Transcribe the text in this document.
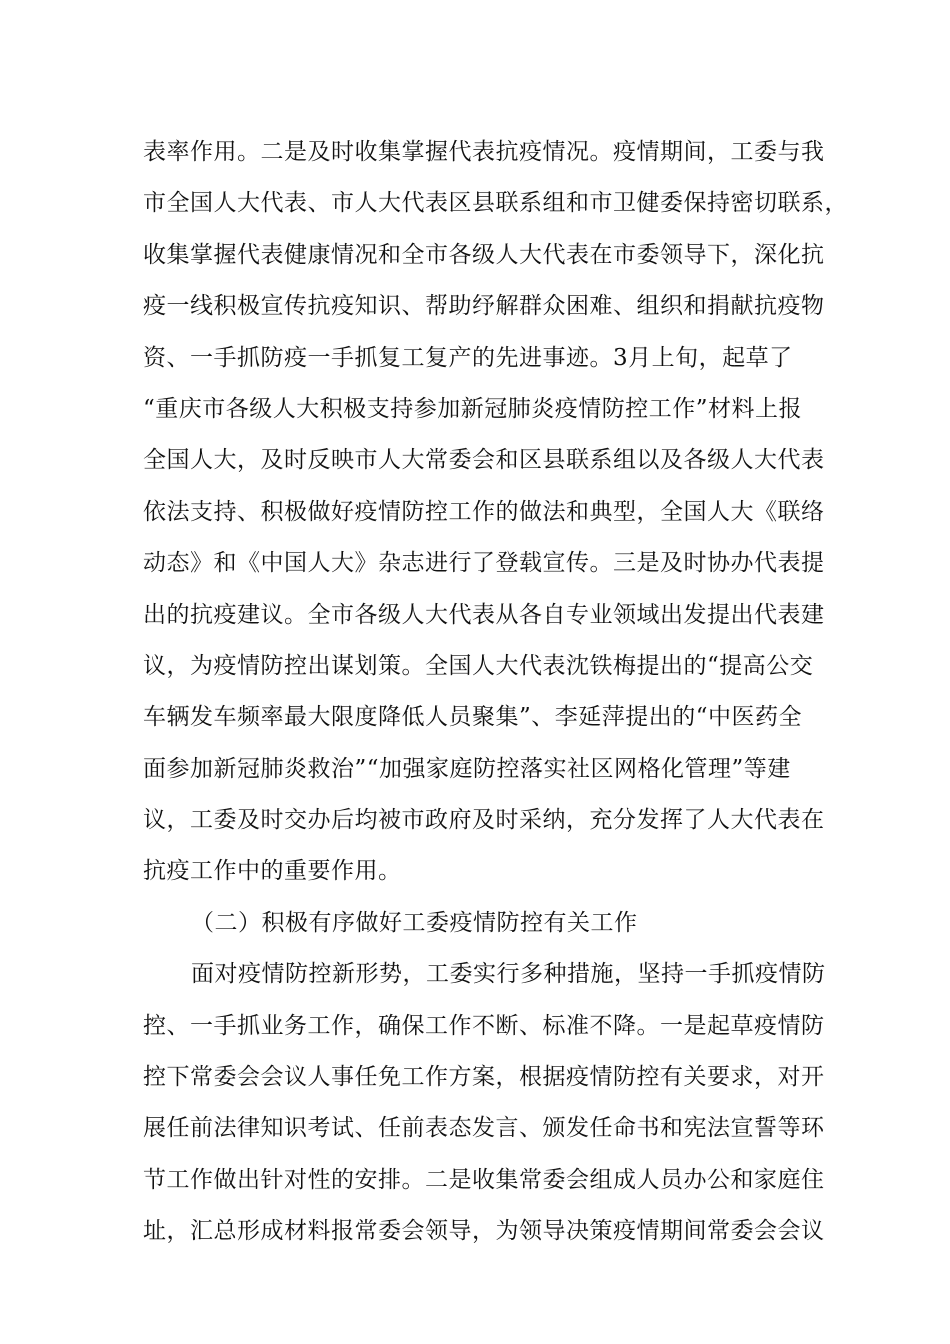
表率作用。二是及时收集掌握代表抗疫情况。疫情期间，工委与我
市全国人大代表、市人大代表区县联系组和市卫健委保持密切联系，
收集掌握代表健康情况和全市各级人大代表在市委领导下，深化抗
疫一线积极宣传抗疫知识、帮助纾解群众困难、组织和捐献抗疫物
资、一手抓防疫一手抓复工复产的先进事迹。3月上旬，起草了
“重庆市各级人大积极支持参加新冠肺炎疫情防控工作”材料上报
全国人大，及时反映市人大常委会和区县联系组以及各级人大代表
依法支持、积极做好疫情防控工作的做法和典型，全国人大《联络
动态》和《中国人大》杂志进行了登载宣传。三是及时协办代表提
出的抗疫建议。全市各级人大代表从各自专业领域出发提出代表建
议，为疫情防控出谋划策。全国人大代表沈铁梅提出的“提高公交
车辆发车频率最大限度降低人员聚集”、李延萍提出的“中医药全
面参加新冠肺炎救治”“加强家庭防控落实社区网格化管理”等建
议，工委及时交办后均被市政府及时采纳，充分发挥了人大代表在
抗疫工作中的重要作用。
（二）积极有序做好工委疫情防控有关工作
面对疫情防控新形势，工委实行多种措施，坚持一手抓疫情防
控、一手抓业务工作，确保工作不断、标准不降。一是起草疫情防
控下常委会会议人事任免工作方案，根据疫情防控有关要求，对开
展任前法律知识考试、任前表态发言、颁发任命书和宪法宣誓等环
节工作做出针对性的安排。二是收集常委会组成人员办公和家庭住
址，汇总形成材料报常委会领导，为领导决策疫情期间常委会会议
